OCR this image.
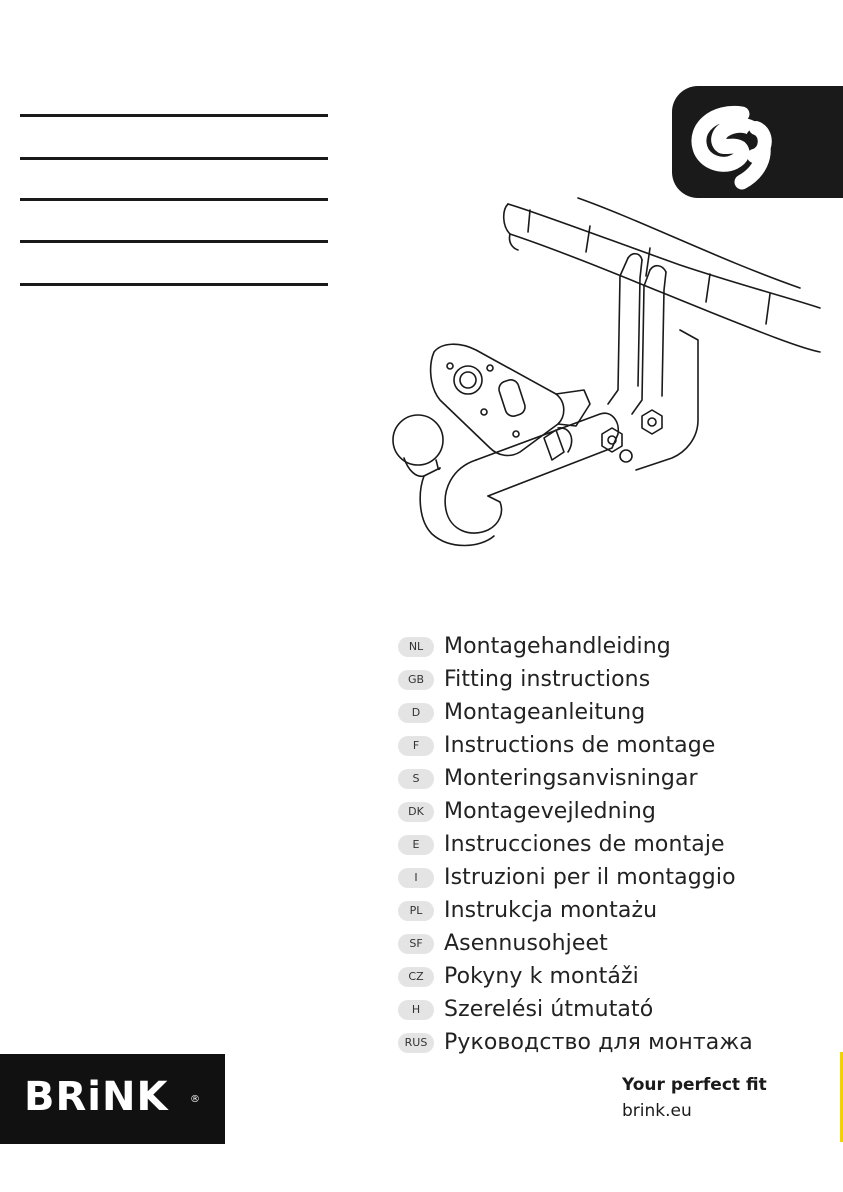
NL Montagehandleiding
GB Fitting instructions
D	Montageanleitung
F	Instructions de montage
S	Monteringsanvisningar
DK Montagevejledning
E	Instrucciones de montaje
I	Istruzioni per il montaggio
PL Instrukcja montażu
SF Asennusohjeet
CZ Pokyny k montáži
H	Szerelési útmutató
RUS Руководство для монтажа
BRiNK ®
Your perfect fit
brink.eu
